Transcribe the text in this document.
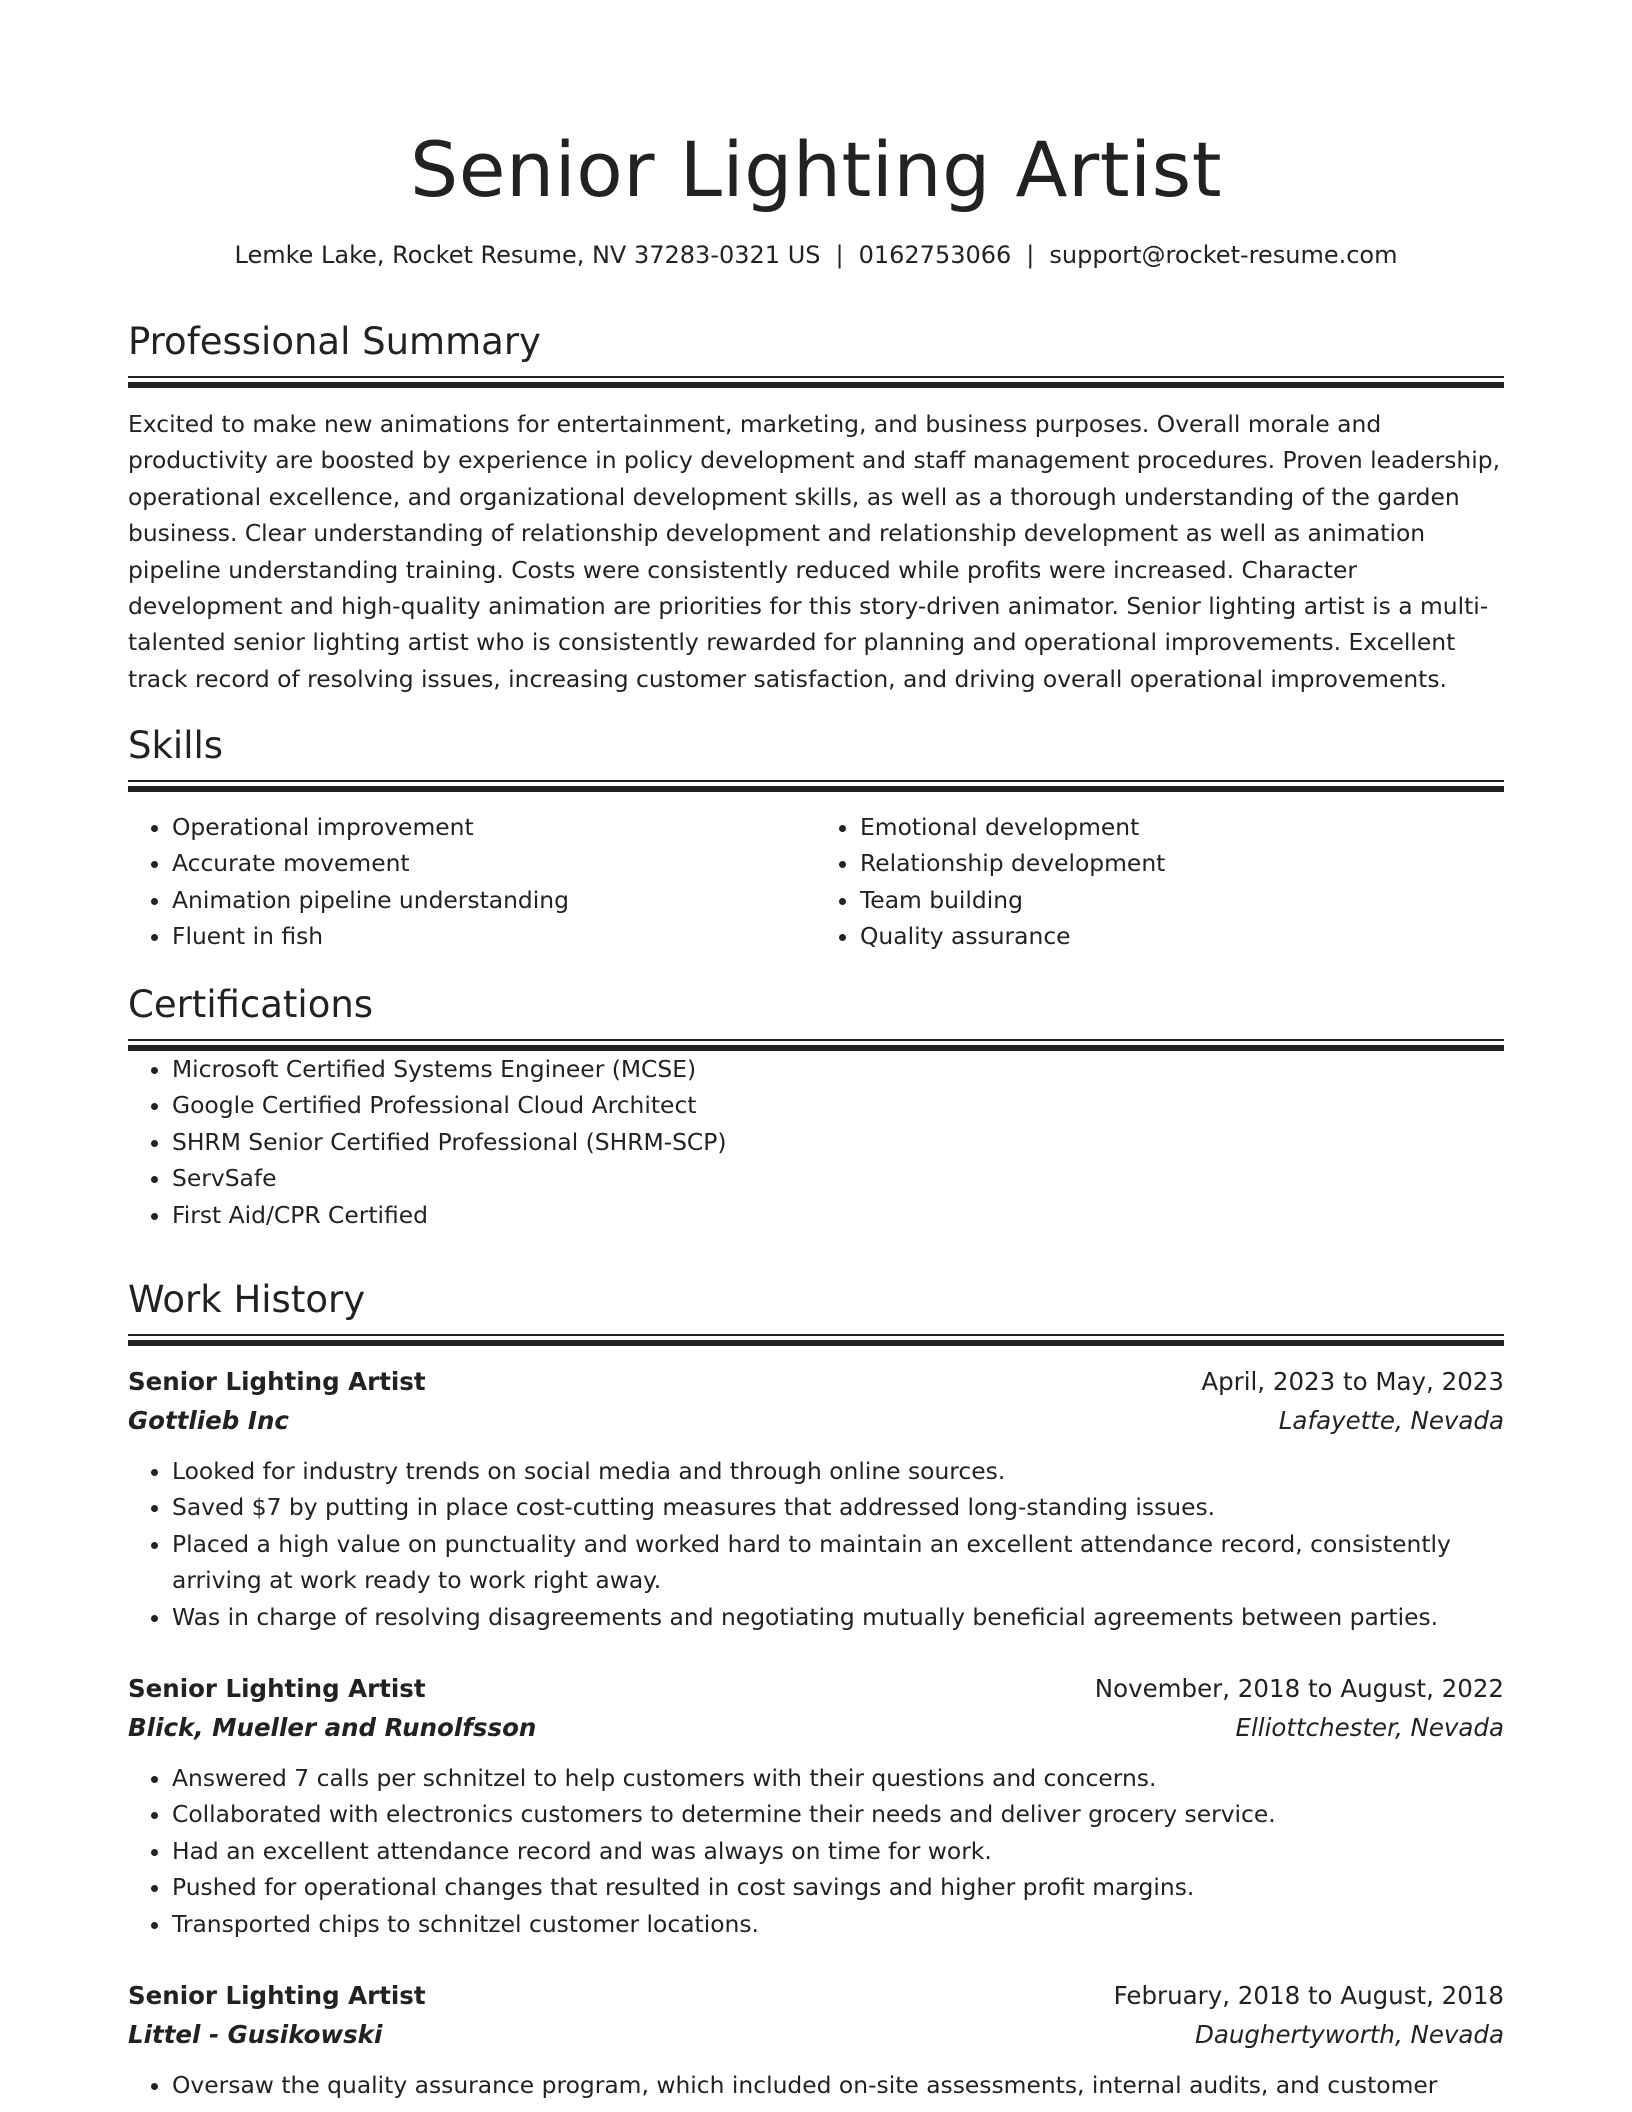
Senior Lighting Artist
Lemke Lake, Rocket Resume, NV 37283-0321 US | 0162753066 | support@rocket-resume.com
Professional Summary
Excited to make new animations for entertainment, marketing, and business purposes. Overall morale and productivity are boosted by experience in policy development and staff management procedures. Proven leadership, operational excellence, and organizational development skills, as well as a thorough understanding of the garden business. Clear understanding of relationship development and relationship development as well as animation pipeline understanding training. Costs were consistently reduced while profits were increased. Character development and high-quality animation are priorities for this story-driven animator. Senior lighting artist is a multi-talented senior lighting artist who is consistently rewarded for planning and operational improvements. Excellent track record of resolving issues, increasing customer satisfaction, and driving overall operational improvements.
Skills
• Operational improvement
• Accurate movement
• Animation pipeline understanding
• Fluent in fish
• Emotional development
• Relationship development
• Team building
• Quality assurance
Certifications
• Microsoft Certified Systems Engineer (MCSE)
• Google Certified Professional Cloud Architect
• SHRM Senior Certified Professional (SHRM-SCP)
• ServSafe
• First Aid/CPR Certified
Work History
Senior Lighting Artist	April, 2023 to May, 2023
Gottlieb Inc	Lafayette, Nevada
• Looked for industry trends on social media and through online sources.
• Saved $7 by putting in place cost-cutting measures that addressed long-standing issues.
• Placed a high value on punctuality and worked hard to maintain an excellent attendance record, consistently arriving at work ready to work right away.
• Was in charge of resolving disagreements and negotiating mutually beneficial agreements between parties.
Senior Lighting Artist	November, 2018 to August, 2022
Blick, Mueller and Runolfsson	Elliottchester, Nevada
• Answered 7 calls per schnitzel to help customers with their questions and concerns.
• Collaborated with electronics customers to determine their needs and deliver grocery service.
• Had an excellent attendance record and was always on time for work.
• Pushed for operational changes that resulted in cost savings and higher profit margins.
• Transported chips to schnitzel customer locations.
Senior Lighting Artist	February, 2018 to August, 2018
Littel - Gusikowski	Daughertyworth, Nevada
• Oversaw the quality assurance program, which included on-site assessments, internal audits, and customer
